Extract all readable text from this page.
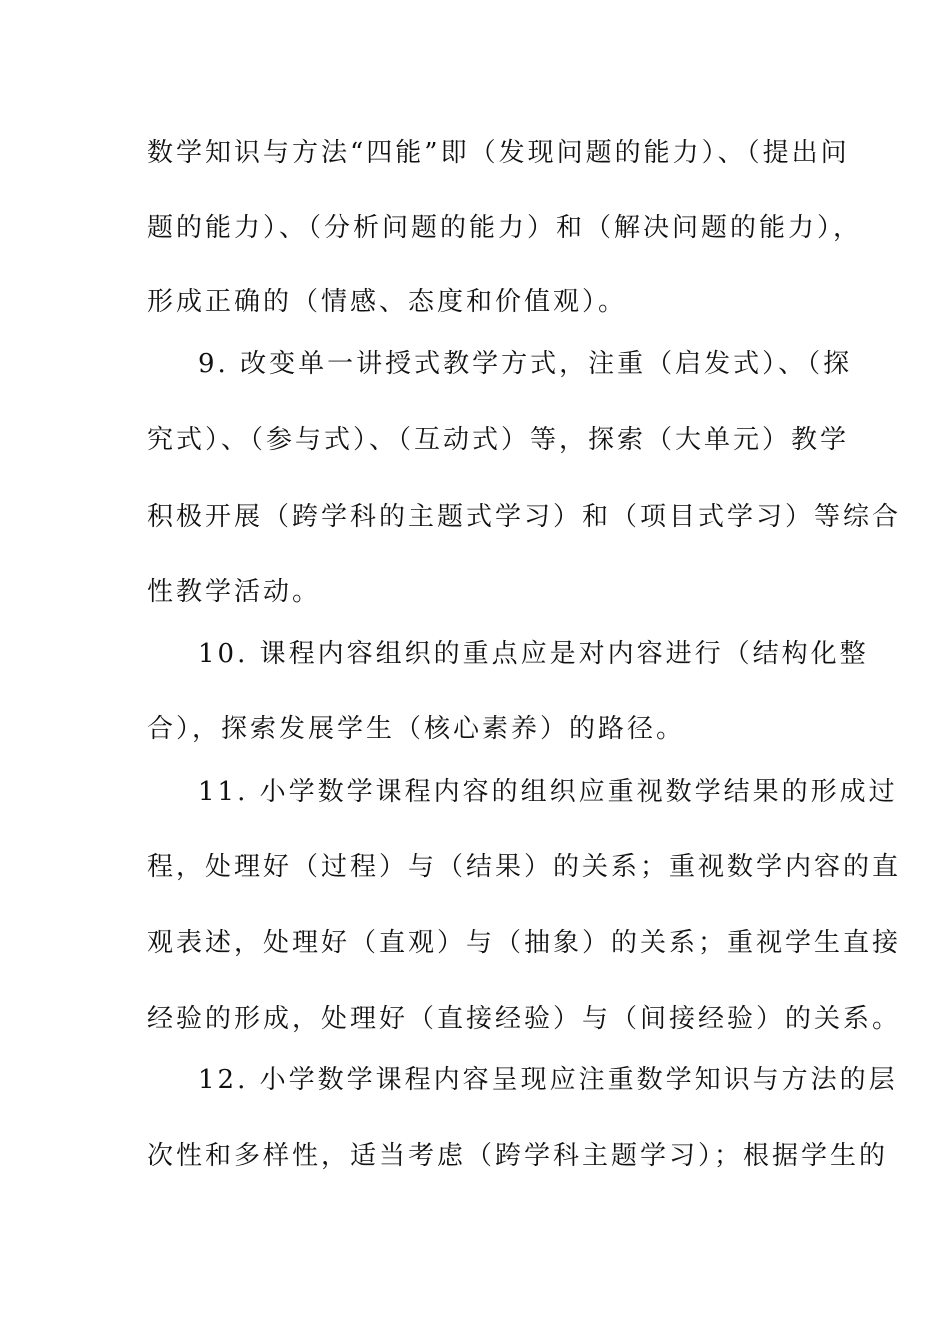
数学知识与方法“四能”即（发现问题的能力）、（提出问
题的能力）、（分析问题的能力）和（解决问题的能力），
形成正确的（情感、态度和价值观）。
9. 改变单一讲授式教学方式，注重（启发式）、（探
究式）、（参与式）、（互动式）等，探索（大单元）教学
积极开展（跨学科的主题式学习）和（项目式学习）等综合
性教学活动。
10. 课程内容组织的重点应是对内容进行（结构化整
合），探索发展学生（核心素养）的路径。
11. 小学数学课程内容的组织应重视数学结果的形成过
程，处理好（过程）与（结果）的关系；重视数学内容的直
观表述，处理好（直观）与（抽象）的关系；重视学生直接
经验的形成，处理好（直接经验）与（间接经验）的关系。
12. 小学数学课程内容呈现应注重数学知识与方法的层
次性和多样性，适当考虑（跨学科主题学习）；根据学生的
